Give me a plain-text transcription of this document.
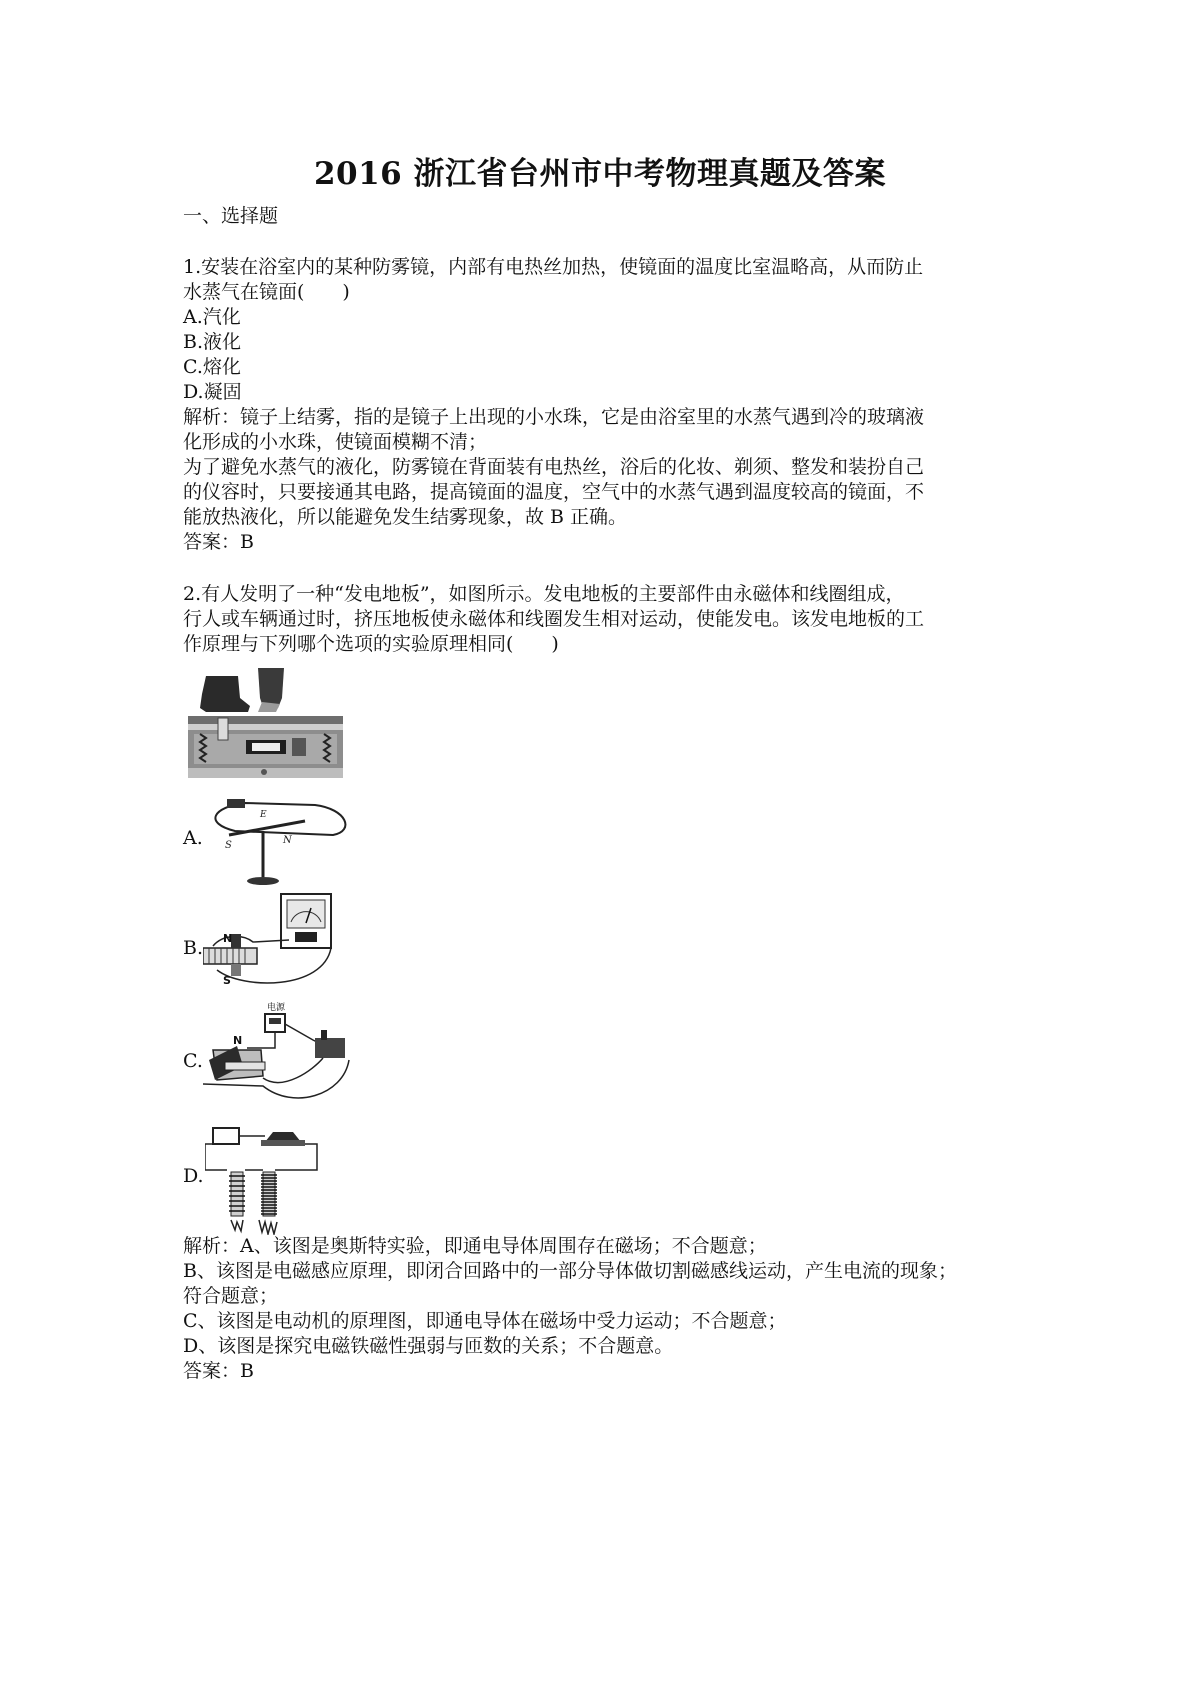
2016 浙江省台州市中考物理真题及答案
一、选择题
1.安装在浴室内的某种防雾镜，内部有电热丝加热，使镜面的温度比室温略高，从而防止
水蒸气在镜面(　　)
A.汽化
B.液化
C.熔化
D.凝固
解析：镜子上结雾，指的是镜子上出现的小水珠，它是由浴室里的水蒸气遇到冷的玻璃液
化形成的小水珠，使镜面模糊不清；
为了避免水蒸气的液化，防雾镜在背面装有电热丝，浴后的化妆、剃须、整发和装扮自己
的仪容时，只要接通其电路，提高镜面的温度，空气中的水蒸气遇到温度较高的镜面，不
能放热液化，所以能避免发生结雾现象，故 B 正确。
答案：B
2.有人发明了一种“发电地板”，如图所示。发电地板的主要部件由永磁体和线圈组成，
行人或车辆通过时，挤压地板使永磁体和线圈发生相对运动，使能发电。该发电地板的工
作原理与下列哪个选项的实验原理相同(　　)
A.
E
S	N
B. N
S
C.
电源
N
D.
解析：A、该图是奥斯特实验，即通电导体周围存在磁场；不合题意；
B、该图是电磁感应原理，即闭合回路中的一部分导体做切割磁感线运动，产生电流的现象；
符合题意；
C、该图是电动机的原理图，即通电导体在磁场中受力运动；不合题意；
D、该图是探究电磁铁磁性强弱与匝数的关系；不合题意。
答案：B
